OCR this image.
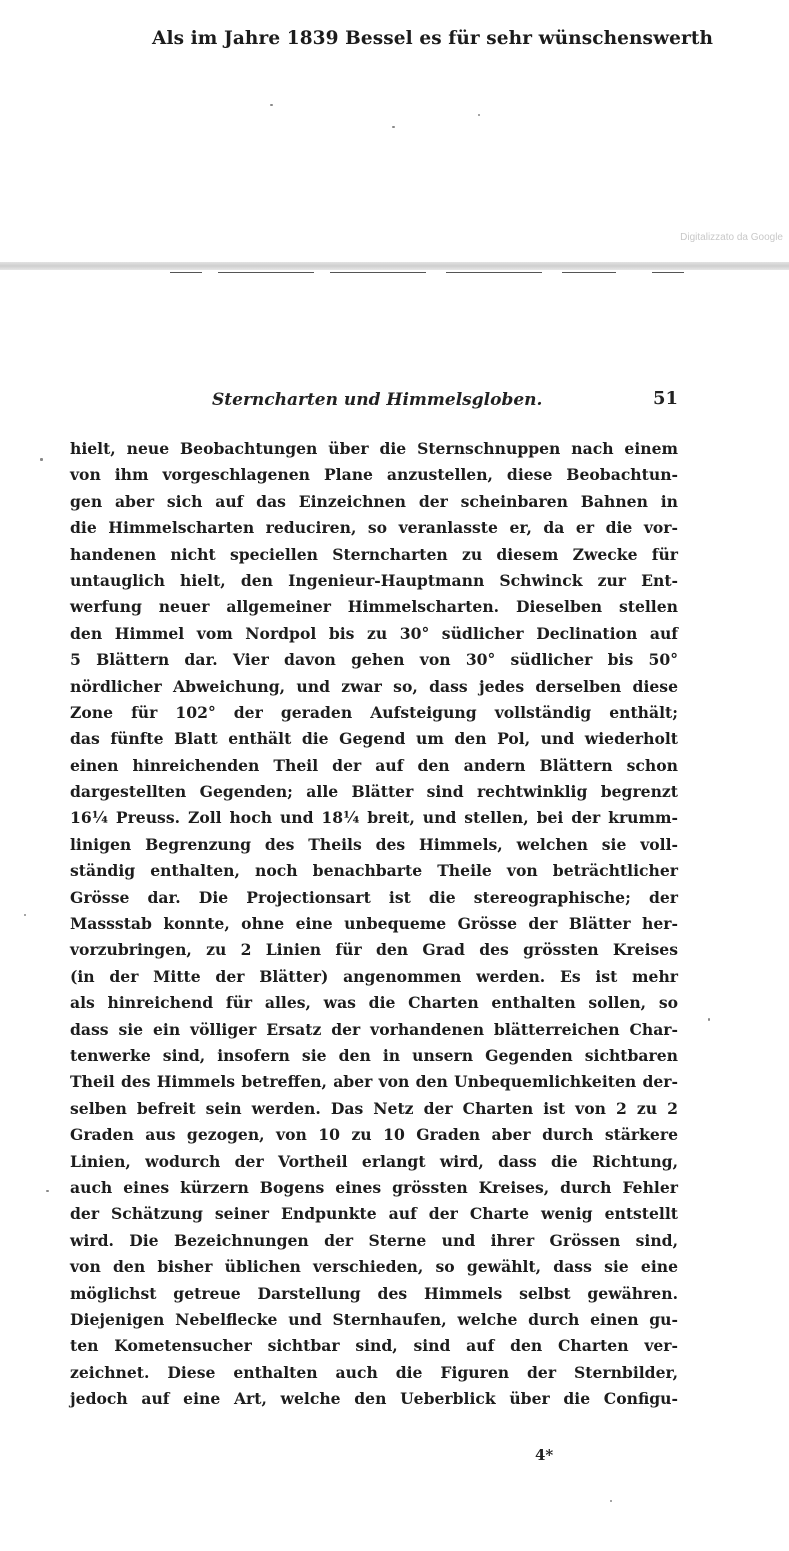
Als im Jahre 1839 Bessel es für sehr wünschenswerth
Digitalizzato da Google
Sterncharten und Himmelsgloben.	51
hielt, neue Beobachtungen über die Sternschnuppen nach einem
von ihm vorgeschlagenen Plane anzustellen, diese Beobachtun-
gen aber sich auf das Einzeichnen der scheinbaren Bahnen in
die Himmelscharten reduciren, so veranlasste er, da er die vor-
handenen nicht speciellen Sterncharten zu diesem Zwecke für
untauglich hielt, den Ingenieur-Hauptmann Schwinck zur Ent-
werfung neuer allgemeiner Himmelscharten. Dieselben stellen
den Himmel vom Nordpol bis zu 30° südlicher Declination auf
5 Blättern dar. Vier davon gehen von 30° südlicher bis 50°
nördlicher Abweichung, und zwar so, dass jedes derselben diese
Zone für 102° der geraden Aufsteigung vollständig enthält;
das fünfte Blatt enthält die Gegend um den Pol, und wiederholt
einen hinreichenden Theil der auf den andern Blättern schon
dargestellten Gegenden; alle Blätter sind rechtwinklig begrenzt
16¼ Preuss. Zoll hoch und 18¼ breit, und stellen, bei der krumm-
linigen Begrenzung des Theils des Himmels, welchen sie voll-
ständig enthalten, noch benachbarte Theile von beträchtlicher
Grösse dar. Die Projectionsart ist die stereographische; der
Massstab konnte, ohne eine unbequeme Grösse der Blätter her-
vorzubringen, zu 2 Linien für den Grad des grössten Kreises
(in der Mitte der Blätter) angenommen werden. Es ist mehr
als hinreichend für alles, was die Charten enthalten sollen, so
dass sie ein völliger Ersatz der vorhandenen blätterreichen Char-
tenwerke sind, insofern sie den in unsern Gegenden sichtbaren
Theil des Himmels betreffen, aber von den Unbequemlichkeiten der-
selben befreit sein werden. Das Netz der Charten ist von 2 zu 2
Graden aus gezogen, von 10 zu 10 Graden aber durch stärkere
Linien, wodurch der Vortheil erlangt wird, dass die Richtung,
auch eines kürzern Bogens eines grössten Kreises, durch Fehler
der Schätzung seiner Endpunkte auf der Charte wenig entstellt
wird. Die Bezeichnungen der Sterne und ihrer Grössen sind,
von den bisher üblichen verschieden, so gewählt, dass sie eine
möglichst getreue Darstellung des Himmels selbst gewähren.
Diejenigen Nebelflecke und Sternhaufen, welche durch einen gu-
ten Kometensucher sichtbar sind, sind auf den Charten ver-
zeichnet. Diese enthalten auch die Figuren der Sternbilder,
jedoch auf eine Art, welche den Ueberblick über die Configu-
4*
